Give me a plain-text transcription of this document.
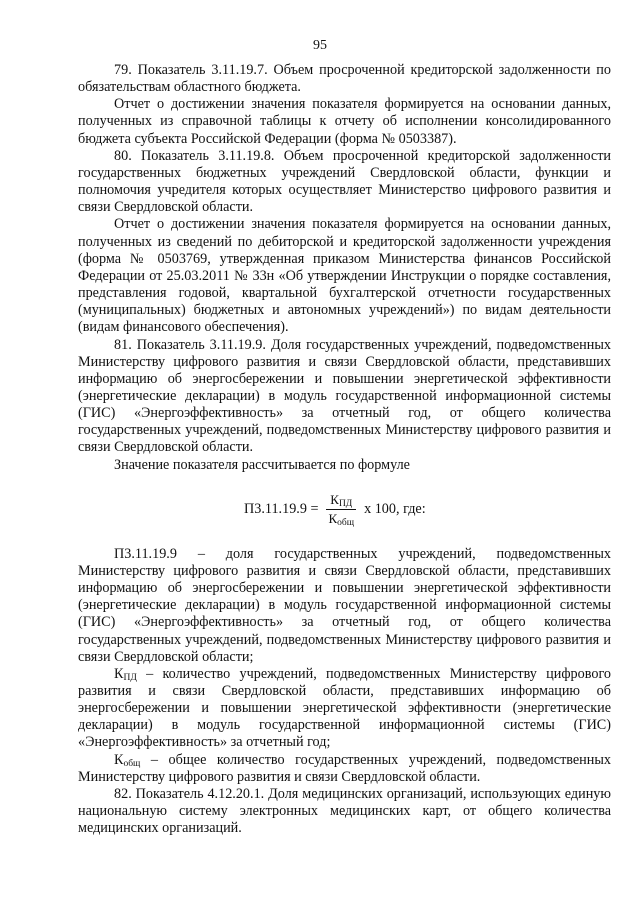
95

79. Показатель 3.11.19.7. Объем просроченной кредиторской задолженности по обязательствам областного бюджета.

Отчет о достижении значения показателя формируется на основании данных, полученных из справочной таблицы к отчету об исполнении консолидированного бюджета субъекта Российской Федерации (форма № 0503387).

80. Показатель 3.11.19.8. Объем просроченной кредиторской задолженности государственных бюджетных учреждений Свердловской области, функции и полномочия учредителя которых осуществляет Министерство цифрового развития и связи Свердловской области.

Отчет о достижении значения показателя формируется на основании данных, полученных из сведений по дебиторской и кредиторской задолженности учреждения (форма № 0503769, утвержденная приказом Министерства финансов Российской Федерации от 25.03.2011 № 33н «Об утверждении Инструкции о порядке составления, представления годовой, квартальной бухгалтерской отчетности государственных (муниципальных) бюджетных и автономных учреждений») по видам деятельности (видам финансового обеспечения).

81. Показатель 3.11.19.9. Доля государственных учреждений, подведомственных Министерству цифрового развития и связи Свердловской области, представивших информацию об энергосбережении и повышении энергетической эффективности (энергетические декларации) в модуль государственной информационной системы (ГИС) «Энергоэффективность» за отчетный год, от общего количества государственных учреждений, подведомственных Министерству цифрового развития и связи Свердловской области.

Значение показателя рассчитывается по формуле

$П3.11.19.9 = \frac{К_{ПД}}{К_{общ}}$ x 100, где:

П3.11.19.9 – доля государственных учреждений, подведомственных Министерству цифрового развития и связи Свердловской области, представивших информацию об энергосбережении и повышении энергетической эффективности (энергетические декларации) в модуль государственной информационной системы (ГИС) «Энергоэффективность» за отчетный год, от общего количества государственных учреждений, подведомственных Министерству цифрового развития и связи Свердловской области;

$К_{ПД}$ – количество учреждений, подведомственных Министерству цифрового развития и связи Свердловской области, представивших информацию об энергосбережении и повышении энергетической эффективности (энергетические декларации) в модуль государственной информационной системы (ГИС) «Энергоэффективность» за отчетный год;

$К_{общ}$ – общее количество государственных учреждений, подведомственных Министерству цифрового развития и связи Свердловской области.

82. Показатель 4.12.20.1. Доля медицинских организаций, использующих единую национальную систему электронных медицинских карт, от общего количества медицинских организаций.
